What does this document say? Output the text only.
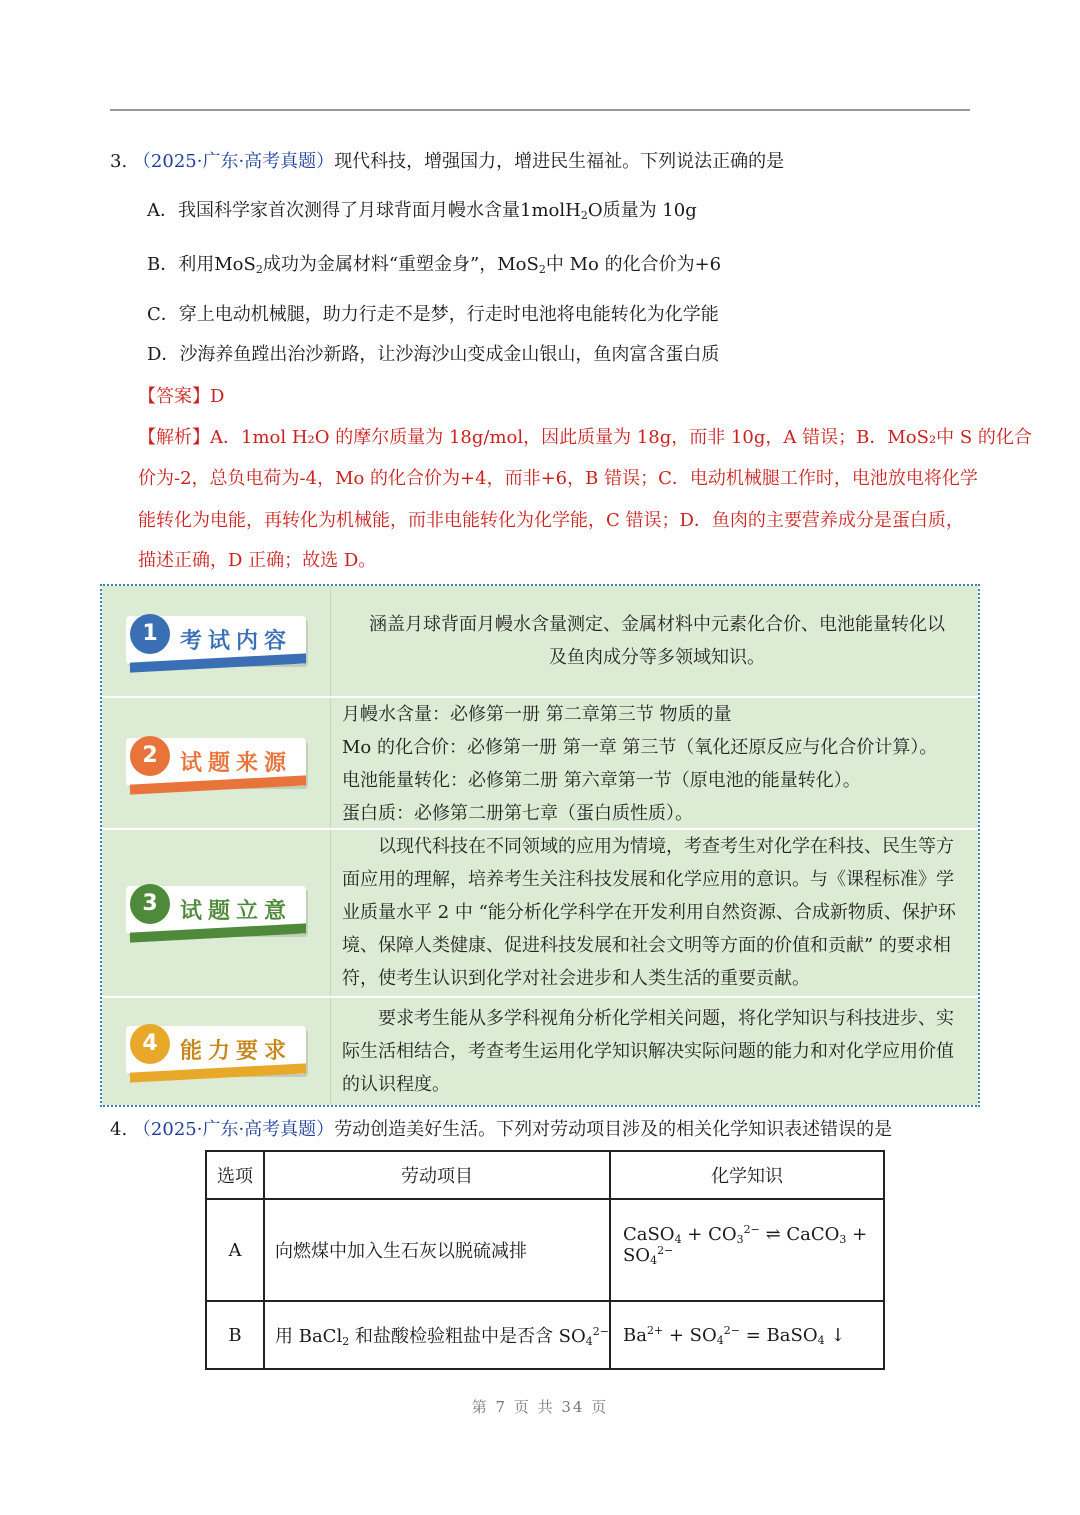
3. （2025·广东·高考真题）现代科技，增强国力，增进民生福祉。下列说法正确的是
A．我国科学家首次测得了月球背面月幔水含量1molH$_2$O质量为 10g
B．利用MoS$_2$成功为金属材料“重塑金身”，MoS$_2$中 Mo 的化合价为+6
C．穿上电动机械腿，助力行走不是梦，行走时电池将电能转化为化学能
D．沙海养鱼蹚出治沙新路，让沙海沙山变成金山银山，鱼肉富含蛋白质
【答案】D
【解析】A．1mol H₂O 的摩尔质量为 18g/mol，因此质量为 18g，而非 10g，A 错误；B．MoS₂中 S 的化合
价为-2，总负电荷为-4，Mo 的化合价为+4，而非+6，B 错误；C．电动机械腿工作时，电池放电将化学
能转化为电能，再转化为机械能，而非电能转化为化学能，C 错误；D．鱼肉的主要营养成分是蛋白质，
描述正确，D 正确；故选 D。
1	考试内容
涵盖月球背面月幔水含量测定、金属材料中元素化合价、电池能量转化以
及鱼肉成分等多领域知识。
2	试题来源
月幔水含量：必修第一册 第二章第三节 物质的量
Mo 的化合价：必修第一册 第一章 第三节（氧化还原反应与化合价计算）。
电池能量转化：必修第二册 第六章第一节（原电池的能量转化）。
蛋白质：必修第二册第七章（蛋白质性质）。
3	试题立意
以现代科技在不同领域的应用为情境，考查考生对化学在科技、民生等方
面应用的理解，培养考生关注科技发展和化学应用的意识。与《课程标准》学
业质量水平 2 中 “能分析化学科学在开发利用自然资源、合成新物质、保护环
境、保障人类健康、促进科技发展和社会文明等方面的价值和贡献” 的要求相
符，使考生认识到化学对社会进步和人类生活的重要贡献。
4	能力要求
要求考生能从多学科视角分析化学相关问题，将化学知识与科技进步、实
际生活相结合，考查考生运用化学知识解决实际问题的能力和对化学应用价值
的认识程度。
4. （2025·广东·高考真题）劳动创造美好生活。下列对劳动项目涉及的相关化学知识表述错误的是
选项	劳动项目	化学知识
A	向燃煤中加入生石灰以脱硫减排	CaSO$_4$ + $CO_3^{2-}$ ⇌ CaCO$_3$ + $SO_4^{2-}$
B	用 BaCl$_2$ 和盐酸检验粗盐中是否含 $SO_4^{2-}$	$Ba^{2+} + SO_4^{2-}$ = BaSO$_4$ ↓
第 7 页 共 34 页
